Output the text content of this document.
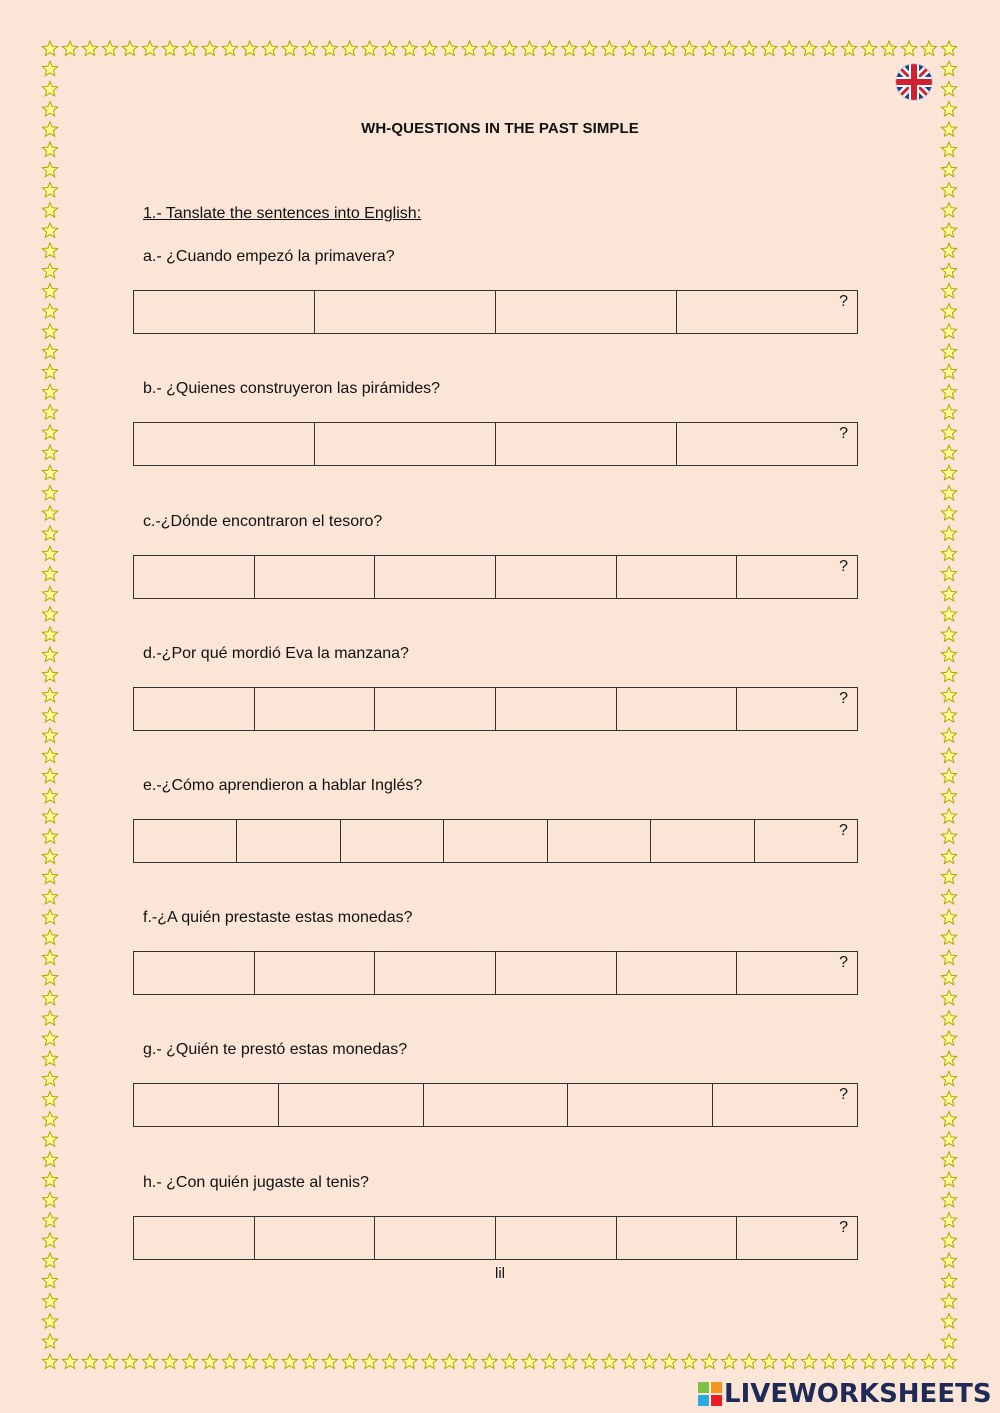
WH-QUESTIONS IN THE PAST SIMPLE
1.- Tanslate the sentences into English:
a.- ¿Cuando empezó la primavera?
?
b.- ¿Quienes construyeron las pirámides?
?
c.-¿Dónde encontraron el tesoro?
?
d.-¿Por qué mordió Eva la manzana?
?
e.-¿Cómo aprendieron a hablar Inglés?
?
f.-¿A quién prestaste estas monedas?
?
g.- ¿Quién te prestó estas monedas?
?
h.- ¿Con quién jugaste al tenis?
?
lil
LIVEWORKSHEETS
